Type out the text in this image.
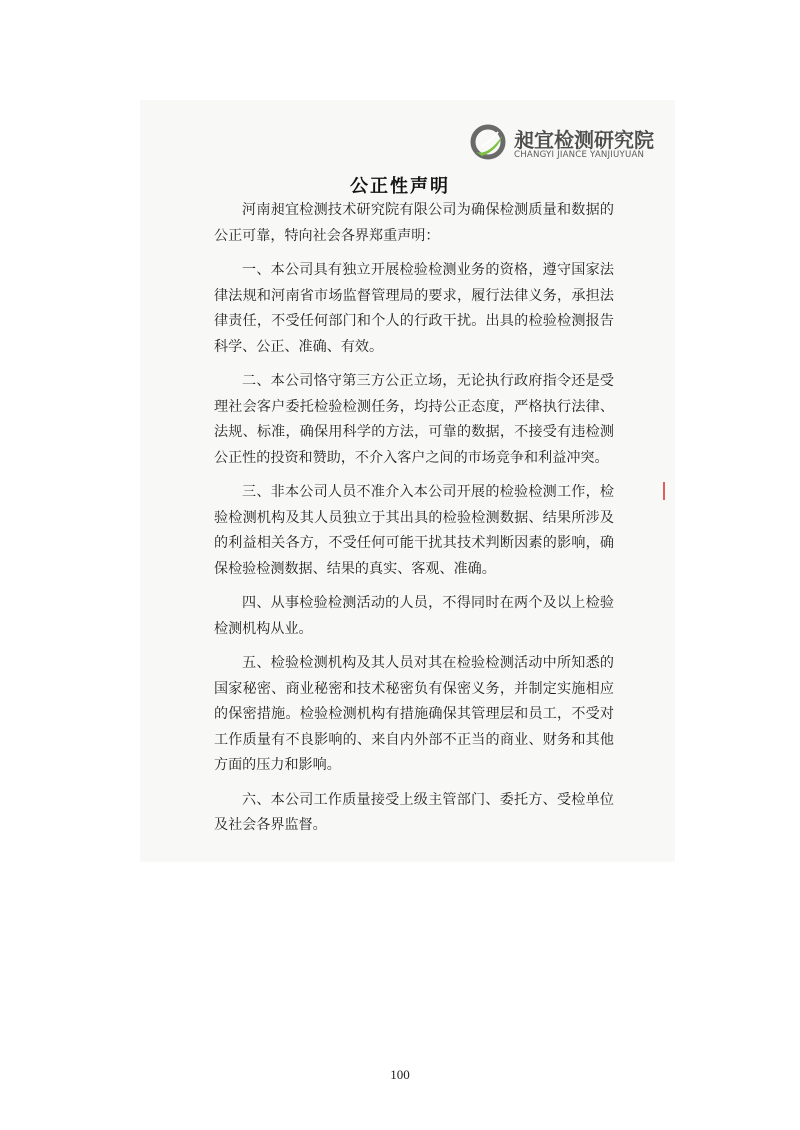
昶宜检测研究院
CHANGYI JIANCE YANJIUYUAN
公正性声明

河南昶宜检测技术研究院有限公司为确保检测质量和数据的公正可靠，特向社会各界郑重声明：

一、本公司具有独立开展检验检测业务的资格，遵守国家法律法规和河南省市场监督管理局的要求，履行法律义务，承担法律责任，不受任何部门和个人的行政干扰。出具的检验检测报告科学、公正、准确、有效。

二、本公司恪守第三方公正立场，无论执行政府指令还是受理社会客户委托检验检测任务，均持公正态度，严格执行法律、法规、标准，确保用科学的方法，可靠的数据，不接受有违检测公正性的投资和赞助，不介入客户之间的市场竞争和利益冲突。

三、非本公司人员不准介入本公司开展的检验检测工作，检验检测机构及其人员独立于其出具的检验检测数据、结果所涉及的利益相关各方，不受任何可能干扰其技术判断因素的影响，确保检验检测数据、结果的真实、客观、准确。

四、从事检验检测活动的人员，不得同时在两个及以上检验检测机构从业。

五、检验检测机构及其人员对其在检验检测活动中所知悉的国家秘密、商业秘密和技术秘密负有保密义务，并制定实施相应的保密措施。检验检测机构有措施确保其管理层和员工，不受对工作质量有不良影响的、来自内外部不正当的商业、财务和其他方面的压力和影响。

六、本公司工作质量接受上级主管部门、委托方、受检单位及社会各界监督。

100
